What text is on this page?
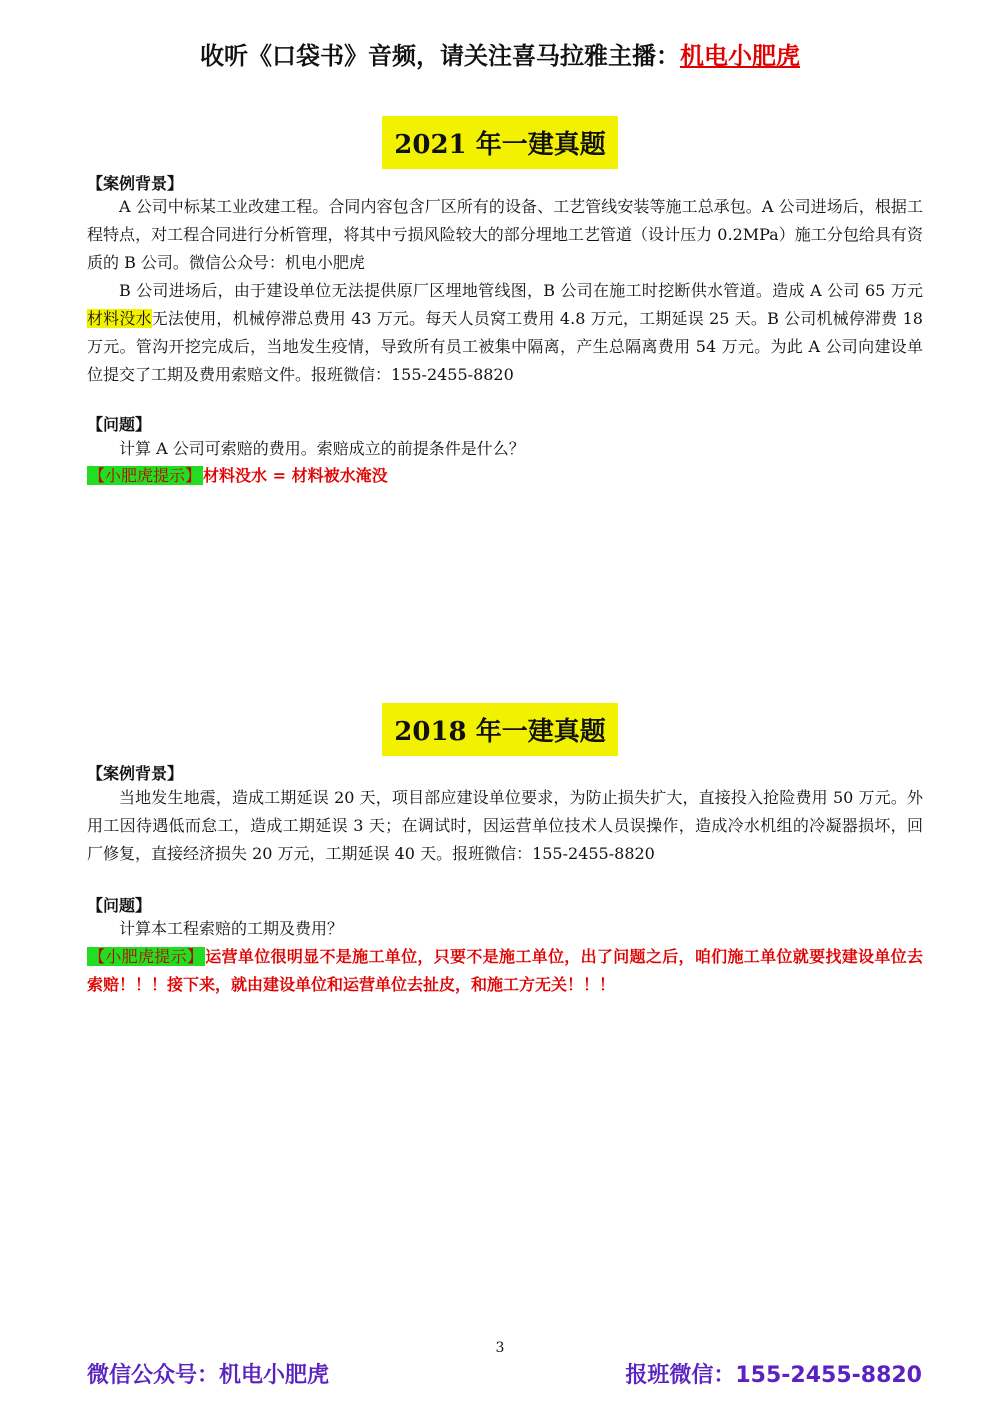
收听《口袋书》音频，请关注喜马拉雅主播：机电小肥虎
2021 年一建真题
【案例背景】

A 公司中标某工业改建工程。合同内容包含厂区所有的设备、工艺管线安装等施工总承包。A 公司进场后，根据工程特点，对工程合同进行分析管理，将其中亏损风险较大的部分埋地工艺管道（设计压力 0.2MPa）施工分包给具有资质的 B 公司。微信公众号：机电小肥虎

B 公司进场后，由于建设单位无法提供原厂区埋地管线图，B 公司在施工时挖断供水管道。造成 A 公司 65 万元材料没水无法使用，机械停滞总费用 43 万元。每天人员窝工费用 4.8 万元，工期延误 25 天。B 公司机械停滞费 18 万元。管沟开挖完成后，当地发生疫情，导致所有员工被集中隔离，产生总隔离费用 54 万元。为此 A 公司向建设单位提交了工期及费用索赔文件。报班微信：155-2455-8820

【问题】

计算 A 公司可索赔的费用。索赔成立的前提条件是什么？

【小肥虎提示】 材料没水 = 材料被水淹没
2018 年一建真题
【案例背景】

当地发生地震，造成工期延误 20 天，项目部应建设单位要求，为防止损失扩大，直接投入抢险费用 50 万元。外用工因待遇低而怠工，造成工期延误 3 天；在调试时，因运营单位技术人员误操作，造成冷水机组的冷凝器损坏，回厂修复，直接经济损失 20 万元，工期延误 40 天。报班微信：155-2455-8820

【问题】

计算本工程索赔的工期及费用？

【小肥虎提示】 运营单位很明显不是施工单位，只要不是施工单位，出了问题之后，咱们施工单位就要找建设单位去索赔！！！接下来，就由建设单位和运营单位去扯皮，和施工方无关！！！

3
微信公众号：机电小肥虎	报班微信：155-2455-8820
